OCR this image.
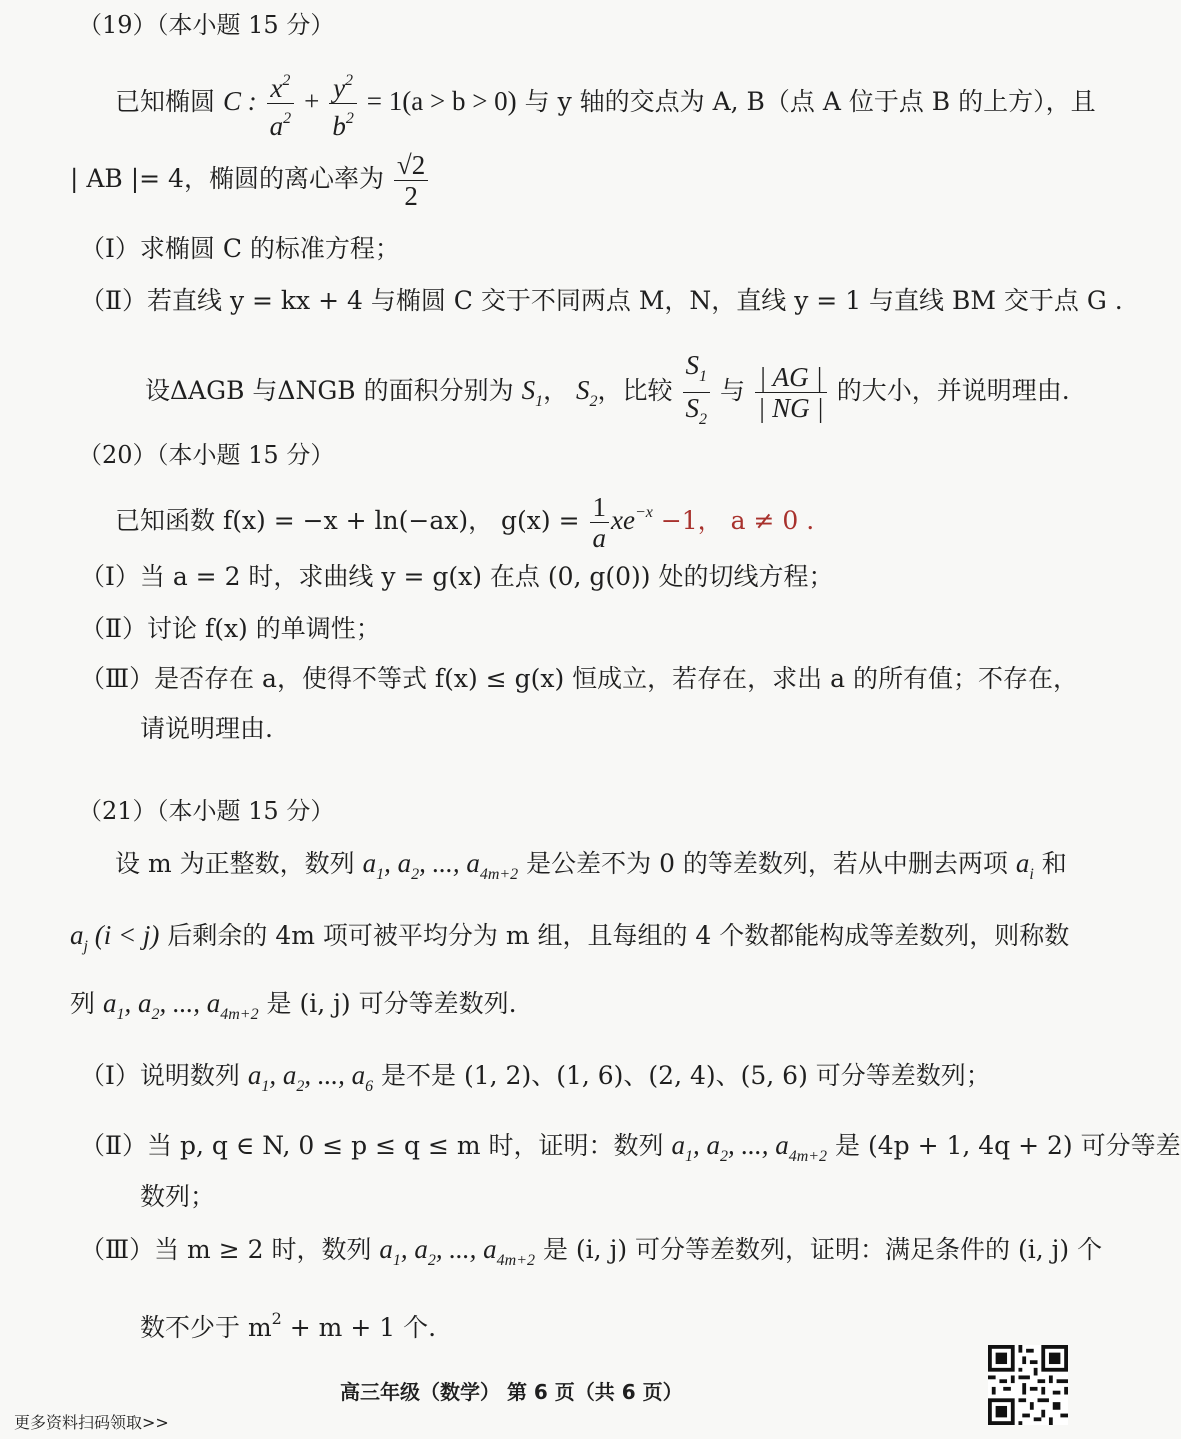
（19）（本小题 15 分）
已知椭圆 C : $\frac{x^2}{a^2} + \frac{y^2}{b^2} = 1(a > b > 0)$ 与 y 轴的交点为 A, B（点 A 位于点 B 的上方），且
| AB |= 4，椭圆的离心率为 $\frac{√2}{2}$
（Ⅰ）求椭圆 C 的标准方程；
（Ⅱ）若直线 y = kx + 4 与椭圆 C 交于不同两点 M，N，直线 y = 1 与直线 BM 交于点 G .
设ΔAGB 与ΔNGB 的面积分别为 $S_1$， $S_2$，比较 $\frac{S_1}{S_2}$ 与 $\frac{| AG |}{| NG |}$ 的大小，并说明理由.
（20）（本小题 15 分）
已知函数 f(x) = −x + ln(−ax)， $g(x) = \frac{1}{a} xe^{-x} -1$， a ≠ 0 .
（Ⅰ）当 a = 2 时，求曲线 y = g(x) 在点 (0, g(0)) 处的切线方程；
（Ⅱ）讨论 f(x) 的单调性；
（Ⅲ）是否存在 a，使得不等式 f(x) ≤ g(x) 恒成立，若存在，求出 a 的所有值；不存在，
请说明理由.
（21）（本小题 15 分）
设 m 为正整数，数列 $a_1$, $a_2$, ..., $a_{4m+2}$ 是公差不为 0 的等差数列，若从中删去两项 $a_i$ 和
$a_j$ (i < j) 后剩余的 4m 项可被平均分为 m 组，且每组的 4 个数都能构成等差数列，则称数
列 $a_1$, $a_2$, ..., $a_{4m+2}$ 是 (i, j) 可分等差数列.
（Ⅰ）说明数列 $a_1$, $a_2$, ..., $a_6$ 是不是 (1, 2)、(1, 6)、(2, 4)、(5, 6) 可分等差数列；
（Ⅱ）当 p, q ∈ N, 0 ≤ p ≤ q ≤ m 时，证明：数列 $a_1$, $a_2$, ..., $a_{4m+2}$ 是 (4p + 1, 4q + 2) 可分等差
数列；
（Ⅲ）当 m ≥ 2 时，数列 $a_1$, $a_2$, ..., $a_{4m+2}$ 是 (i, j) 可分等差数列，证明：满足条件的 (i, j) 个
数不少于 $m^2 + m + 1$ 个.
高三年级（数学） 第 6 页（共 6 页）
更多资料扫码领取>>
